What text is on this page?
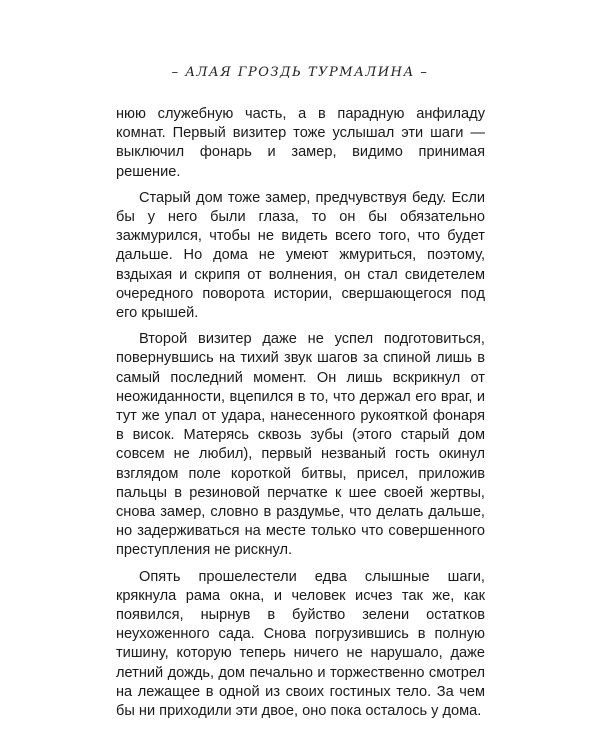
– АЛАЯ ГРОЗДЬ ТУРМАЛИНА –

нюю служебную часть, а в парадную анфиладу комнат. Первый визитер тоже услышал эти шаги — выключил фонарь и замер, видимо принимая решение.

Старый дом тоже замер, предчувствуя беду. Если бы у него были глаза, то он бы обязательно зажмурился, чтобы не видеть всего того, что будет дальше. Но дома не умеют жмуриться, поэтому, вздыхая и скрипя от волнения, он стал свидетелем очередного поворота истории, свершающегося под его крышей.

Второй визитер даже не успел подготовиться, повернувшись на тихий звук шагов за спиной лишь в самый последний момент. Он лишь вскрикнул от неожиданности, вцепился в то, что держал его враг, и тут же упал от удара, нанесенного рукояткой фонаря в висок. Матерясь сквозь зубы (этого старый дом совсем не любил), первый незваный гость окинул взглядом поле короткой битвы, присел, приложив пальцы в резиновой перчатке к шее своей жертвы, снова замер, словно в раздумье, что делать дальше, но задерживаться на месте только что совершенного преступления не рискнул.

Опять прошелестели едва слышные шаги, крякнула рама окна, и человек исчез так же, как появился, нырнув в буйство зелени остатков неухоженного сада. Снова погрузившись в полную тишину, которую теперь ничего не нарушало, даже летний дождь, дом печально и торжественно смотрел на лежащее в одной из своих гостиных тело. За чем бы ни приходили эти двое, оно пока осталось у дома.
